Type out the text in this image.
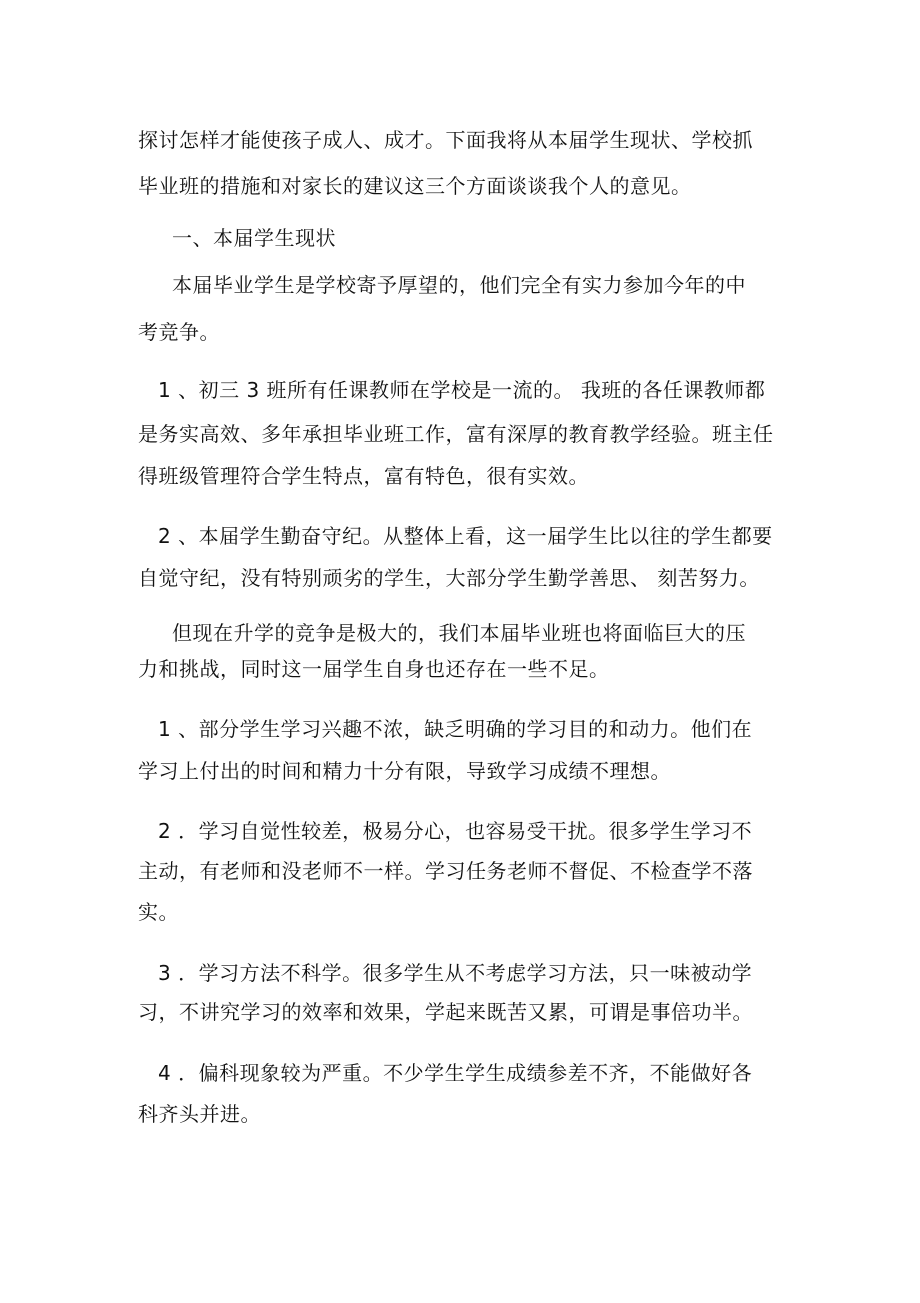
探讨怎样才能使孩子成人、成才。下面我将从本届学生现状、学校抓
毕业班的措施和对家长的建议这三个方面谈谈我个人的意见。
一、本届学生现状
本届毕业学生是学校寄予厚望的，他们完全有实力参加今年的中
考竞争。
1 、初三 3 班所有任课教师在学校是一流的。 我班的各任课教师都
是务实高效、多年承担毕业班工作，富有深厚的教育教学经验。班主任
得班级管理符合学生特点，富有特色，很有实效。
2 、本届学生勤奋守纪。从整体上看，这一届学生比以往的学生都要
自觉守纪，没有特别顽劣的学生，大部分学生勤学善思、 刻苦努力。
但现在升学的竞争是极大的，我们本届毕业班也将面临巨大的压
力和挑战，同时这一届学生自身也还存在一些不足。
1 、部分学生学习兴趣不浓，缺乏明确的学习目的和动力。他们在
学习上付出的时间和精力十分有限，导致学习成绩不理想。
2 ．学习自觉性较差，极易分心，也容易受干扰。很多学生学习不
主动，有老师和没老师不一样。学习任务老师不督促、不检查学不落
实。
3 ．学习方法不科学。很多学生从不考虑学习方法，只一味被动学
习，不讲究学习的效率和效果，学起来既苦又累，可谓是事倍功半。
4 ．偏科现象较为严重。不少学生学生成绩参差不齐，不能做好各
科齐头并进。
